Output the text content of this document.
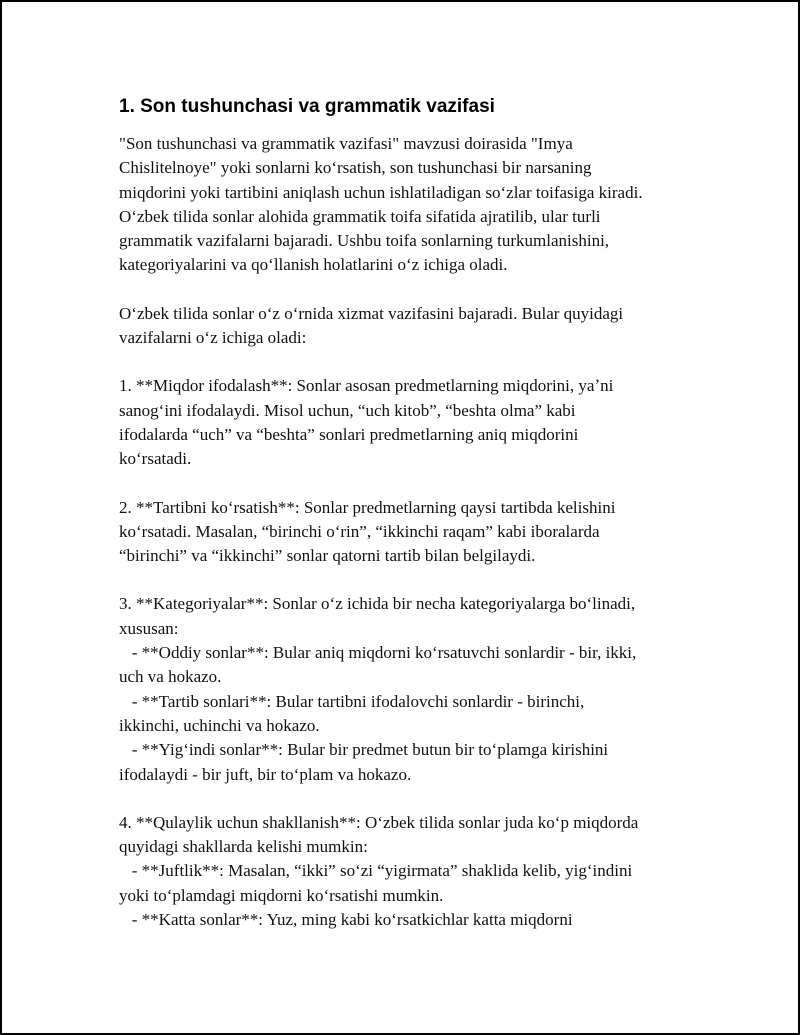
1. Son tushunchasi va grammatik vazifasi
"Son tushunchasi va grammatik vazifasi" mavzusi doirasida "Imya
Chislitelnoye" yoki sonlarni koʻrsatish, son tushunchasi bir narsaning
miqdorini yoki tartibini aniqlash uchun ishlatiladigan soʻzlar toifasiga kiradi.
Oʻzbek tilida sonlar alohida grammatik toifa sifatida ajratilib, ular turli
grammatik vazifalarni bajaradi. Ushbu toifa sonlarning turkumlanishini,
kategoriyalarini va qoʻllanish holatlarini oʻz ichiga oladi.
Oʻzbek tilida sonlar oʻz oʻrnida xizmat vazifasini bajaradi. Bular quyidagi
vazifalarni oʻz ichiga oladi:
1. **Miqdor ifodalash**: Sonlar asosan predmetlarning miqdorini, yaʼni
sanogʻini ifodalaydi. Misol uchun, “uch kitob”, “beshta olma” kabi
ifodalarda “uch” va “beshta” sonlari predmetlarning aniq miqdorini
koʻrsatadi.
2. **Tartibni koʻrsatish**: Sonlar predmetlarning qaysi tartibda kelishini
koʻrsatadi. Masalan, “birinchi oʻrin”, “ikkinchi raqam” kabi iboralarda
“birinchi” va “ikkinchi” sonlar qatorni tartib bilan belgilaydi.
3. **Kategoriyalar**: Sonlar oʻz ichida bir necha kategoriyalarga boʻlinadi,
xususan:
- **Oddiy sonlar**: Bular aniq miqdorni koʻrsatuvchi sonlardir - bir, ikki,
uch va hokazo.
- **Tartib sonlari**: Bular tartibni ifodalovchi sonlardir - birinchi,
ikkinchi, uchinchi va hokazo.
- **Yigʻindi sonlar**: Bular bir predmet butun bir toʻplamga kirishini
ifodalaydi - bir juft, bir toʻplam va hokazo.
4. **Qulaylik uchun shakllanish**: Oʻzbek tilida sonlar juda koʻp miqdorda
quyidagi shakllarda kelishi mumkin:
- **Juftlik**: Masalan, “ikki” soʻzi “yigirmata” shaklida kelib, yigʻindini
yoki toʻplamdagi miqdorni koʻrsatishi mumkin.
- **Katta sonlar**: Yuz, ming kabi koʻrsatkichlar katta miqdorni
